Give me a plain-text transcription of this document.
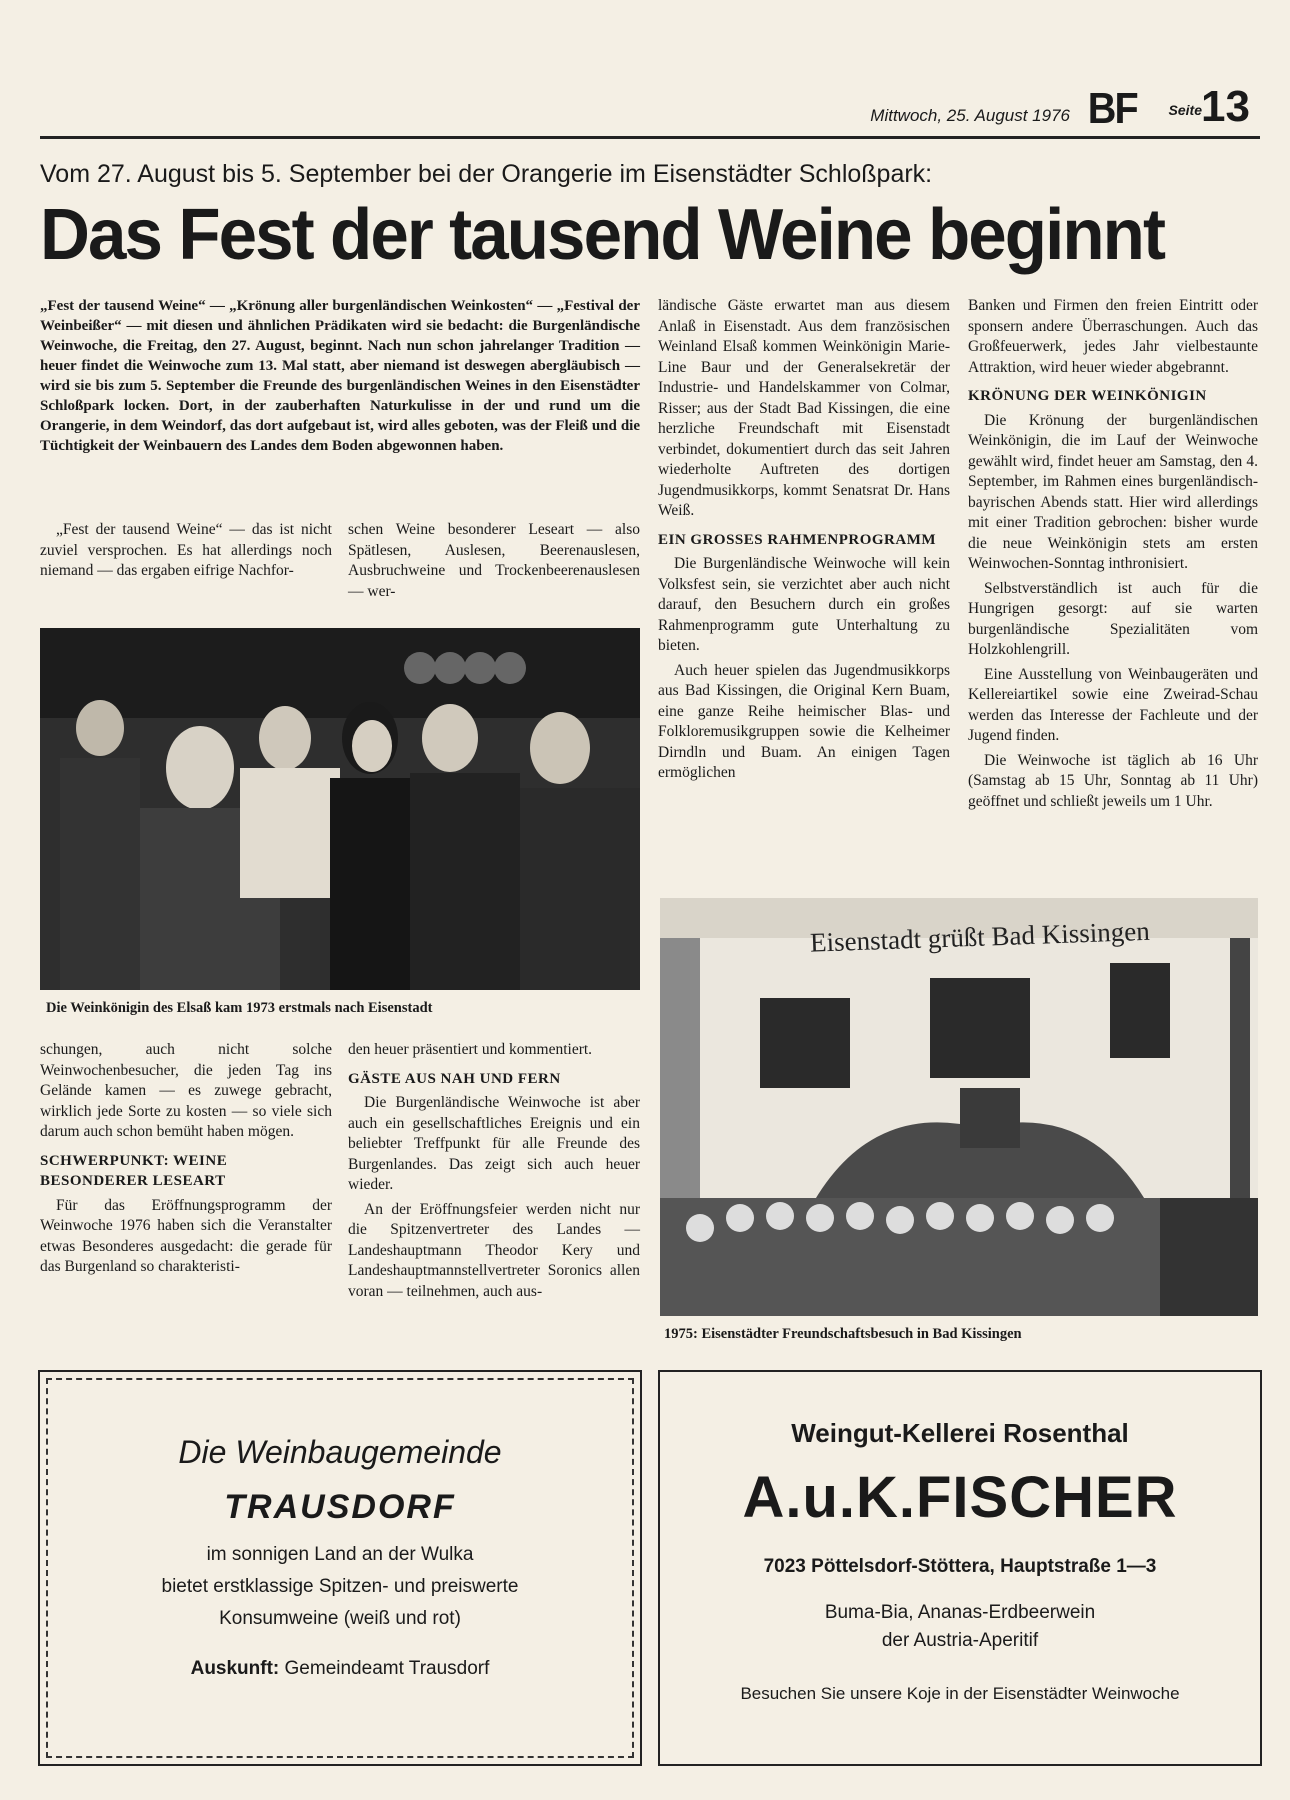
Mittwoch, 25. August 1976 BF Seite 13
Vom 27. August bis 5. September bei der Orangerie im Eisenstädter Schloßpark:
Das Fest der tausend Weine beginnt
„Fest der tausend Weine“ — „Krönung aller burgenländischen Weinkosten“ — „Festival der Weinbeißer“ — mit diesen und ähnlichen Prädikaten wird sie bedacht: die Burgenländische Weinwoche, die Freitag, den 27. August, beginnt. Nach nun schon jahrelanger Tradition — heuer findet die Weinwoche zum 13. Mal statt, aber niemand ist deswegen abergläubisch — wird sie bis zum 5. September die Freunde des burgenländischen Weines in den Eisenstädter Schloßpark locken. Dort, in der zauberhaften Naturkulisse in der und rund um die Orangerie, in dem Weindorf, das dort aufgebaut ist, wird alles geboten, was der Fleiß und die Tüchtigkeit der Weinbauern des Landes dem Boden abgewonnen haben.

„Fest der tausend Weine“ — das ist nicht zuviel versprochen. Es hat allerdings noch niemand — das ergaben eifrige Nachfor-

schen Weine besonderer Leseart — also Spätlesen, Auslesen, Beerenauslesen, Ausbruchweine und Trockenbeerenauslesen — wer-

ländische Gäste erwartet man aus diesem Anlaß in Eisenstadt. Aus dem französischen Weinland Elsaß kommen Weinkönigin Marie-Line Baur und der Generalsekretär der Industrie- und Handelskammer von Colmar, Risser; aus der Stadt Bad Kissingen, die eine herzliche Freundschaft mit Eisenstadt verbindet, dokumentiert durch das seit Jahren wiederholte Auftreten des dortigen Jugendmusikkorps, kommt Senatsrat Dr. Hans Weiß.

EIN GROSSES RAHMENPROGRAMM

Die Burgenländische Weinwoche will kein Volksfest sein, sie verzichtet aber auch nicht darauf, den Besuchern durch ein großes Rahmenprogramm gute Unterhaltung zu bieten.

Auch heuer spielen das Jugendmusikkorps aus Bad Kissingen, die Original Kern Buam, eine ganze Reihe heimischer Blas- und Folkloremusikgruppen sowie die Kelheimer Dirndln und Buam. An einigen Tagen ermöglichen

Banken und Firmen den freien Eintritt oder sponsern andere Überraschungen. Auch das Großfeuerwerk, jedes Jahr vielbestaunte Attraktion, wird heuer wieder abgebrannt.

KRÖNUNG DER WEINKÖNIGIN

Die Krönung der burgenländischen Weinkönigin, die im Lauf der Weinwoche gewählt wird, findet heuer am Samstag, den 4. September, im Rahmen eines burgenländisch-bayrischen Abends statt. Hier wird allerdings mit einer Tradition gebrochen: bisher wurde die neue Weinkönigin stets am ersten Weinwochen-Sonntag inthronisiert.

Selbstverständlich ist auch für die Hungrigen gesorgt: auf sie warten burgenländische Spezialitäten vom Holzkohlengrill.

Eine Ausstellung von Weinbaugeräten und Kellereiartikel sowie eine Zweirad-Schau werden das Interesse der Fachleute und der Jugend finden.

Die Weinwoche ist täglich ab 16 Uhr (Samstag ab 15 Uhr, Sonntag ab 11 Uhr) geöffnet und schließt jeweils um 1 Uhr.

Die Weinkönigin des Elsaß kam 1973 erstmals nach Eisenstadt

schungen, auch nicht solche Weinwochenbesucher, die jeden Tag ins Gelände kamen — es zuwege gebracht, wirklich jede Sorte zu kosten — so viele sich darum auch schon bemüht haben mögen.

SCHWERPUNKT: WEINE BESONDERER LESEART

Für das Eröffnungsprogramm der Weinwoche 1976 haben sich die Veranstalter etwas Besonderes ausgedacht: die gerade für das Burgenland so charakteristi-

den heuer präsentiert und kommentiert.

GÄSTE AUS NAH UND FERN

Die Burgenländische Weinwoche ist aber auch ein gesellschaftliches Ereignis und ein beliebter Treffpunkt für alle Freunde des Burgenlandes. Das zeigt sich auch heuer wieder.

An der Eröffnungsfeier werden nicht nur die Spitzenvertreter des Landes — Landeshauptmann Theodor Kery und Landeshauptmannstellvertreter Soronics allen voran — teilnehmen, auch aus-

Eisenstadt grüßt Bad Kissingen
1975: Eisenstädter Freundschaftsbesuch in Bad Kissingen
Die Weinbaugemeinde
TRAUSDORF
im sonnigen Land an der Wulka
bietet erstklassige Spitzen- und preiswerte
Konsumweine (weiß und rot)
Auskunft: Gemeindeamt Trausdorf
Weingut-Kellerei Rosenthal
A.u.K.FISCHER
7023 Pöttelsdorf-Stöttera, Hauptstraße 1—3
Buma-Bia, Ananas-Erdbeerwein
der Austria-Aperitif
Besuchen Sie unsere Koje in der Eisenstädter Weinwoche
